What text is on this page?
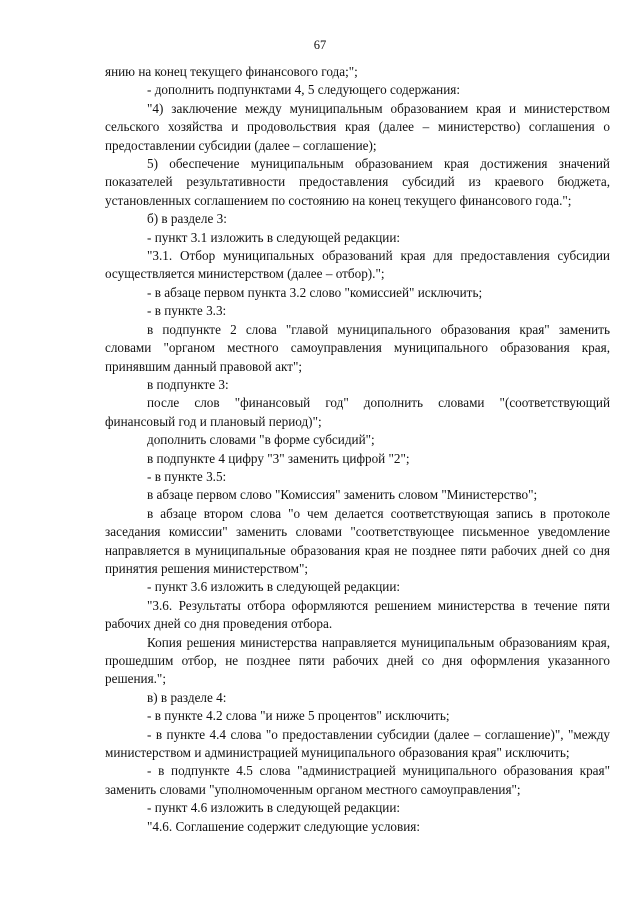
67

янию на конец текущего финансового года;";

- дополнить подпунктами 4, 5 следующего содержания:

"4) заключение между муниципальным образованием края и министерством сельского хозяйства и продовольствия края (далее – министерство) соглашения о предоставлении субсидии (далее – соглашение);

5) обеспечение муниципальным образованием края достижения значений показателей результативности предоставления субсидий из краевого бюджета, установленных соглашением по состоянию на конец текущего финансового года.";

б) в разделе 3:

- пункт 3.1 изложить в следующей редакции:

"3.1. Отбор муниципальных образований края для предоставления субсидии осуществляется министерством (далее – отбор).";

- в абзаце первом пункта 3.2 слово "комиссией" исключить;

- в пункте 3.3:

в подпункте 2 слова "главой муниципального образования края" заменить словами "органом местного самоуправления муниципального образования края, принявшим данный правовой акт";

в подпункте 3:

после слов "финансовый год" дополнить словами "(соответствующий финансовый год и плановый период)";

дополнить словами "в форме субсидий";

в подпункте 4 цифру "3" заменить цифрой "2";

- в пункте 3.5:

в абзаце первом слово "Комиссия" заменить словом "Министерство";

в абзаце втором слова "о чем делается соответствующая запись в протоколе заседания комиссии" заменить словами "соответствующее письменное уведомление направляется в муниципальные образования края не позднее пяти рабочих дней со дня принятия решения министерством";

- пункт 3.6 изложить в следующей редакции:

"3.6. Результаты отбора оформляются решением министерства в течение пяти рабочих дней со дня проведения отбора.

Копия решения министерства направляется муниципальным образованиям края, прошедшим отбор, не позднее пяти рабочих дней со дня оформления указанного решения.";

в) в разделе 4:

- в пункте 4.2 слова "и ниже 5 процентов" исключить;

- в пункте 4.4 слова "о предоставлении субсидии (далее – соглашение)", "между министерством и администрацией муниципального образования края" исключить;

- в подпункте 4.5 слова "администрацией муниципального образования края" заменить словами "уполномоченным органом местного самоуправления";

- пункт 4.6 изложить в следующей редакции:

"4.6. Соглашение содержит следующие условия:
